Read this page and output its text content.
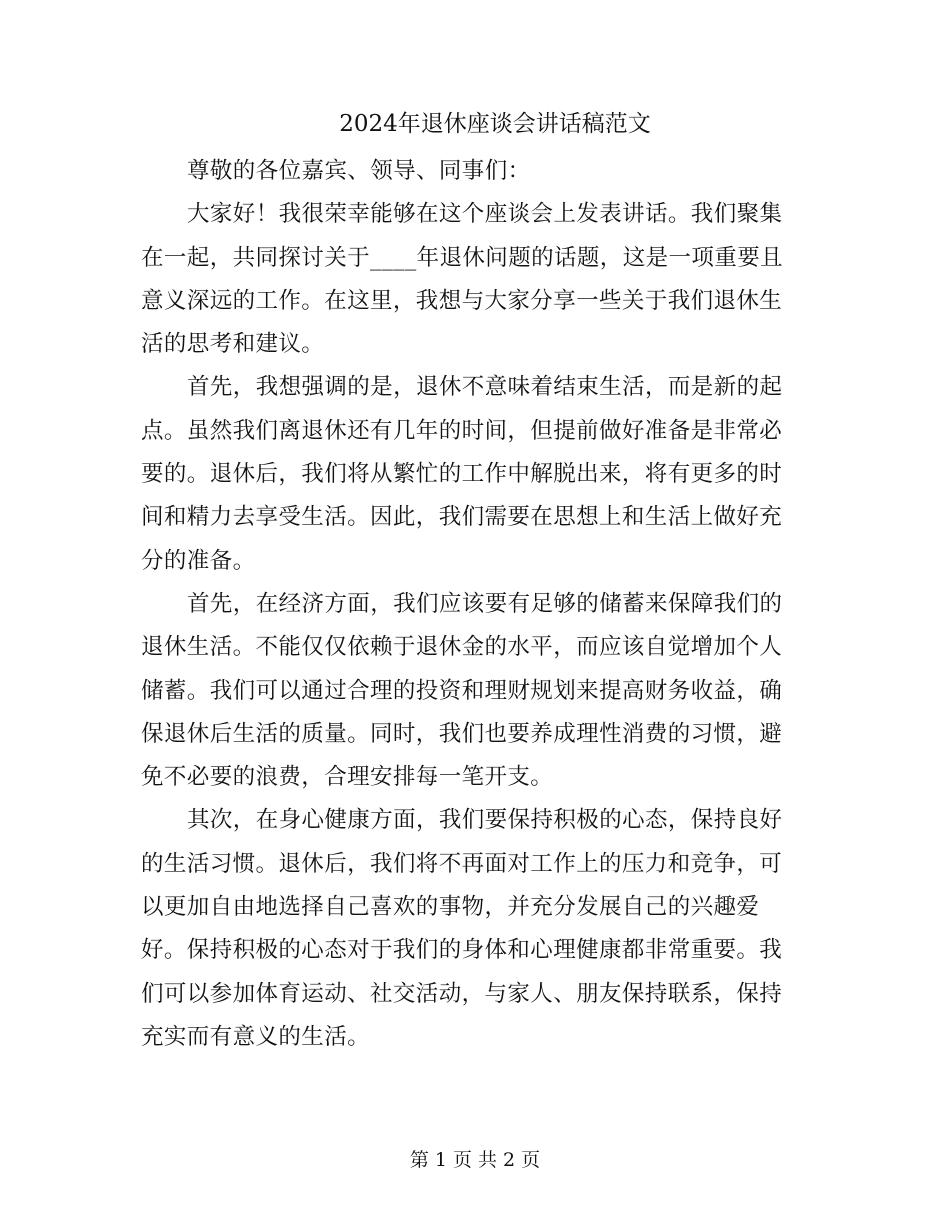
2024年退休座谈会讲话稿范文

尊敬的各位嘉宾、领导、同事们：

大家好！我很荣幸能够在这个座谈会上发表讲话。我们聚集
在一起，共同探讨关于____年退休问题的话题，这是一项重要且
意义深远的工作。在这里，我想与大家分享一些关于我们退休生
活的思考和建议。

首先，我想强调的是，退休不意味着结束生活，而是新的起
点。虽然我们离退休还有几年的时间，但提前做好准备是非常必
要的。退休后，我们将从繁忙的工作中解脱出来，将有更多的时
间和精力去享受生活。因此，我们需要在思想上和生活上做好充
分的准备。

首先，在经济方面，我们应该要有足够的储蓄来保障我们的
退休生活。不能仅仅依赖于退休金的水平，而应该自觉增加个人
储蓄。我们可以通过合理的投资和理财规划来提高财务收益，确
保退休后生活的质量。同时，我们也要养成理性消费的习惯，避
免不必要的浪费，合理安排每一笔开支。

其次，在身心健康方面，我们要保持积极的心态，保持良好
的生活习惯。退休后，我们将不再面对工作上的压力和竞争，可
以更加自由地选择自己喜欢的事物，并充分发展自己的兴趣爱
好。保持积极的心态对于我们的身体和心理健康都非常重要。我
们可以参加体育运动、社交活动，与家人、朋友保持联系，保持
充实而有意义的生活。

第 1 页 共 2 页
